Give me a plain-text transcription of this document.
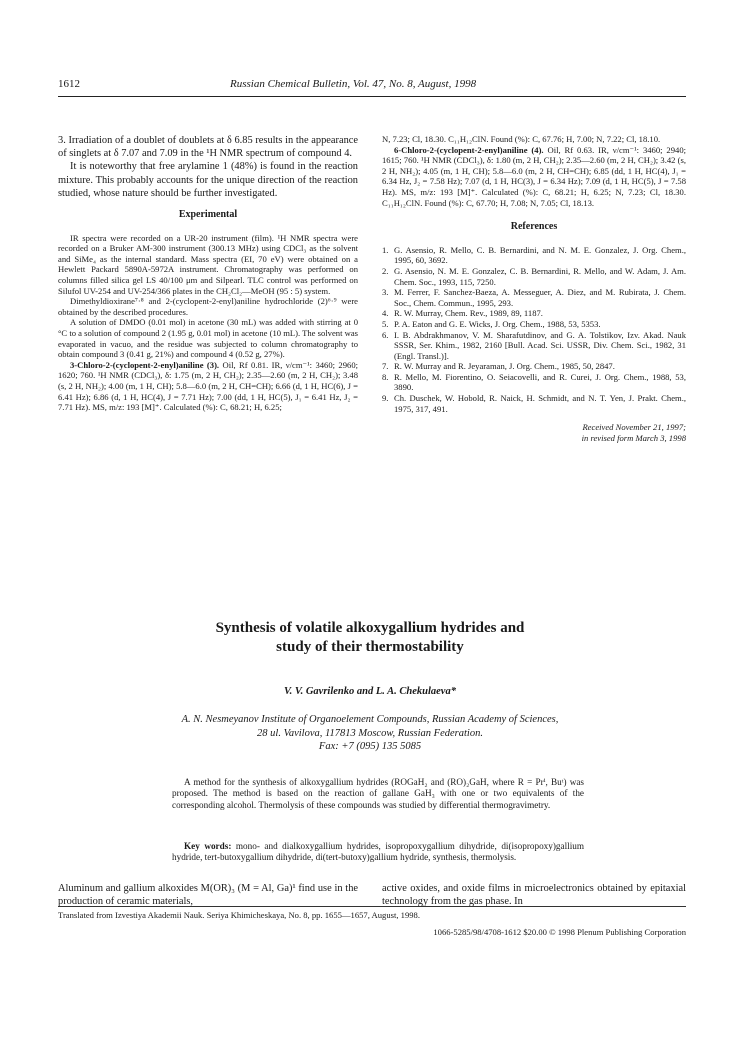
1612	Russian Chemical Bulletin, Vol. 47, No. 8, August, 1998

3. Irradiation of a doublet of doublets at δ 6.85 results in the appearance of singlets at δ 7.07 and 7.09 in the ¹H NMR spectrum of compound 4.

It is noteworthy that free arylamine 1 (48%) is found in the reaction mixture. This probably accounts for the unique direction of the reaction studied, whose nature should be further investigated.

Experimental

IR spectra were recorded on a UR-20 instrument (film). ¹H NMR spectra were recorded on a Bruker AM-300 instrument (300.13 MHz) using CDCl₃ as the solvent and SiMe₄ as the internal standard. Mass spectra (EI, 70 eV) were obtained on a Hewlett Packard 5890A-5972A instrument. Chromatography was performed on columns filled silica gel LS 40/100 μm and Silpearl. TLC control was performed on Silufol UV-254 and UV-254/366 plates in the CH₂Cl₂—MeOH (95 : 5) system.

Dimethyldioxirane⁷·⁸ and 2-(cyclopent-2-enyl)aniline hydrochloride (2)⁶·⁹ were obtained by the described procedures.

A solution of DMDO (0.01 mol) in acetone (30 mL) was added with stirring at 0 °C to a solution of compound 2 (1.95 g, 0.01 mol) in acetone (10 mL). The solvent was evaporated in vacuo, and the residue was subjected to column chromatography to obtain compound 3 (0.41 g, 21%) and compound 4 (0.52 g, 27%).

3-Chloro-2-(cyclopent-2-enyl)aniline (3). Oil, Rf 0.81. IR, ν/cm⁻¹: 3460; 2960; 1620; 760. ¹H NMR (CDCl₃), δ: 1.75 (m, 2 H, CH₂); 2.35—2.60 (m, 2 H, CH₂); 3.48 (s, 2 H, NH₂); 4.00 (m, 1 H, CH); 5.8—6.0 (m, 2 H, CH=CH); 6.66 (d, 1 H, HC(6), J = 6.41 Hz); 6.86 (d, 1 H, HC(4), J = 7.71 Hz); 7.00 (dd, 1 H, HC(5), J₁ = 6.41 Hz, J₂ = 7.71 Hz). MS, m/z: 193 [M]⁺. Calculated (%): C, 68.21; H, 6.25;

N, 7.23; Cl, 18.30. C₁₁H₁₂ClN. Found (%): C, 67.76; H, 7.00; N, 7.22; Cl, 18.10.

6-Chloro-2-(cyclopent-2-enyl)aniline (4). Oil, Rf 0.63. IR, ν/cm⁻¹: 3460; 2940; 1615; 760. ¹H NMR (CDCl₃), δ: 1.80 (m, 2 H, CH₂); 2.35—2.60 (m, 2 H, CH₂); 3.42 (s, 2 H, NH₂); 4.05 (m, 1 H, CH); 5.8—6.0 (m, 2 H, CH=CH); 6.85 (dd, 1 H, HC(4), J₁ = 6.34 Hz, J₂ = 7.58 Hz); 7.07 (d, 1 H, HC(3), J = 6.34 Hz); 7.09 (d, 1 H, HC(5), J = 7.58 Hz). MS, m/z: 193 [M]⁺. Calculated (%): C, 68.21; H, 6.25; N, 7.23; Cl, 18.30. C₁₁H₁₂ClN. Found (%): C, 67.70; H, 7.08; N, 7.05; Cl, 18.13.

References
1. G. Asensio, R. Mello, C. B. Bernardini, and N. M. E. Gonzalez, J. Org. Chem., 1995, 60, 3692.
2. G. Asensio, N. M. E. Gonzalez, C. B. Bernardini, R. Mello, and W. Adam, J. Am. Chem. Soc., 1993, 115, 7250.
3. M. Ferrer, F. Sanchez-Baeza, A. Messeguer, A. Diez, and M. Rubirata, J. Chem. Soc., Chem. Commun., 1995, 293.
4. R. W. Murray, Chem. Rev., 1989, 89, 1187.
5. P. A. Eaton and G. E. Wicks, J. Org. Chem., 1988, 53, 5353.
6. I. B. Abdrakhmanov, V. M. Sharafutdinov, and G. A. Tolstikov, Izv. Akad. Nauk SSSR, Ser. Khim., 1982, 2160 [Bull. Acad. Sci. USSR, Div. Chem. Sci., 1982, 31 (Engl. Transl.)].
7. R. W. Murray and R. Jeyaraman, J. Org. Chem., 1985, 50, 2847.
8. R. Mello, M. Fiorentino, O. Seiacovelli, and R. Curei, J. Org. Chem., 1988, 53, 3890.
9. Ch. Duschek, W. Hobold, R. Naick, H. Schmidt, and N. T. Yen, J. Prakt. Chem., 1975, 317, 491.
Received November 21, 1997;
in revised form March 3, 1998
Synthesis of volatile alkoxygallium hydrides and
study of their thermostability
V. V. Gavrilenko and L. A. Chekulaeva*
A. N. Nesmeyanov Institute of Organoelement Compounds, Russian Academy of Sciences,
28 ul. Vavilova, 117813 Moscow, Russian Federation.
Fax: +7 (095) 135 5085

A method for the synthesis of alkoxygallium hydrides (ROGaH₂ and (RO)₂GaH, where R = Prⁱ, Buᵗ) was proposed. The method is based on the reaction of gallane GaH₃ with one or two equivalents of the corresponding alcohol. Thermolysis of these compounds was studied by differential thermogravimetry.

Key words: mono- and dialkoxygallium hydrides, isopropoxygallium dihydride, di(isopropoxy)gallium hydride, tert-butoxygallium dihydride, di(tert-butoxy)gallium hydride, synthesis, thermolysis.
Aluminum and gallium alkoxides M(OR)₃ (M = Al, Ga)¹ find use in the production of ceramic materials,
active oxides, and oxide films in microelectronics obtained by epitaxial technology from the gas phase. In
Translated from Izvestiya Akademii Nauk. Seriya Khimicheskaya, No. 8, pp. 1655—1657, August, 1998.
1066-5285/98/4708-1612 $20.00 © 1998 Plenum Publishing Corporation
